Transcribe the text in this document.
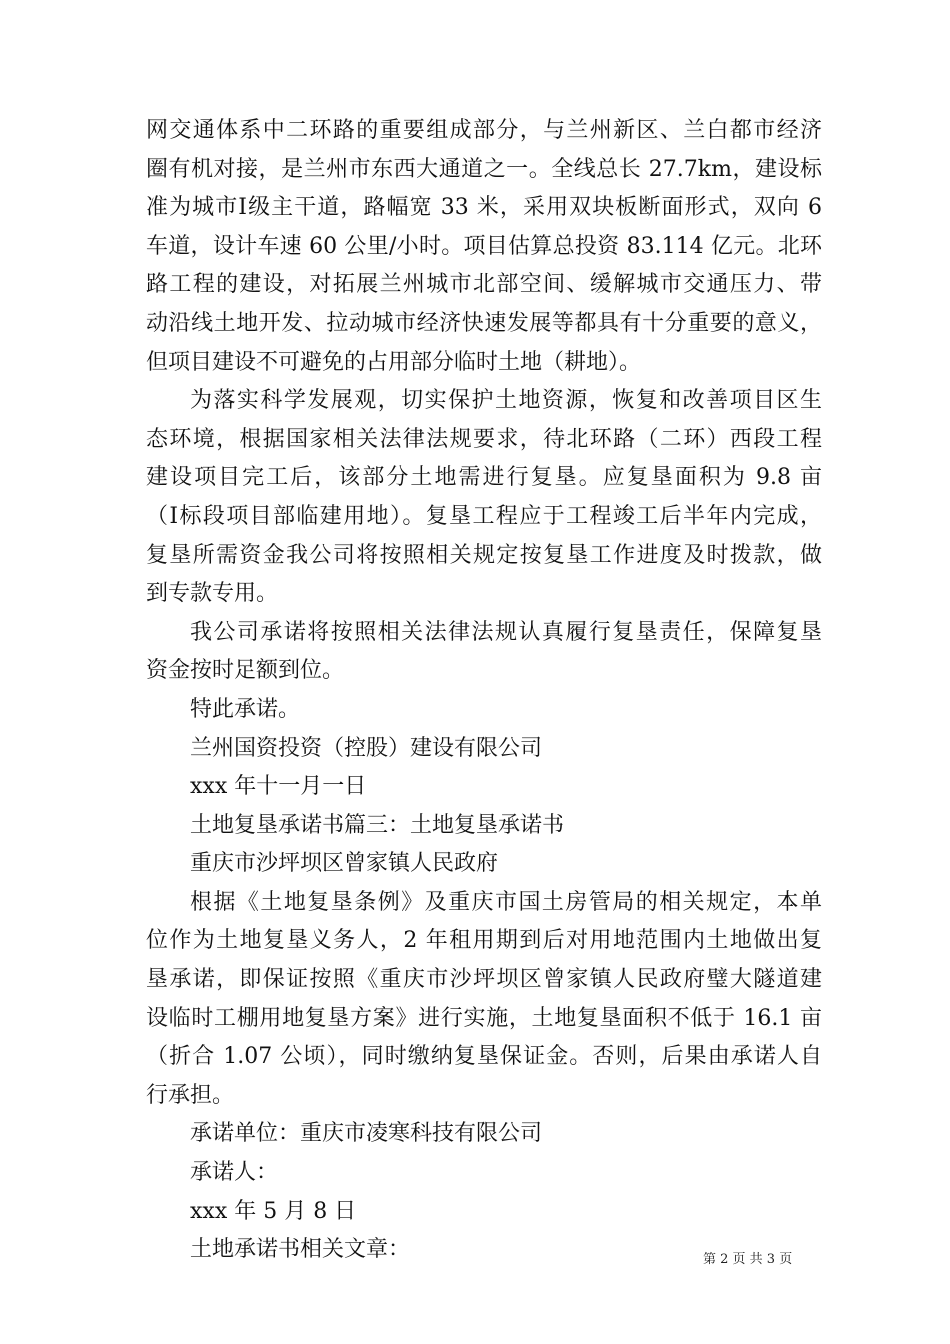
网交通体系中二环路的重要组成部分，与兰州新区、兰白都市经济
圈有机对接，是兰州市东西大通道之一。全线总长 27.7km，建设标
准为城市Ⅰ级主干道，路幅宽 33 米，采用双块板断面形式，双向 6
车道，设计车速 60 公里/小时。项目估算总投资 83.114 亿元。北环
路工程的建设，对拓展兰州城市北部空间、缓解城市交通压力、带
动沿线土地开发、拉动城市经济快速发展等都具有十分重要的意义，
但项目建设不可避免的占用部分临时土地（耕地）。
为落实科学发展观，切实保护土地资源，恢复和改善项目区生
态环境，根据国家相关法律法规要求，待北环路（二环）西段工程
建设项目完工后，该部分土地需进行复垦。应复垦面积为 9.8 亩
（Ⅰ标段项目部临建用地）。复垦工程应于工程竣工后半年内完成，
复垦所需资金我公司将按照相关规定按复垦工作进度及时拨款，做
到专款专用。
我公司承诺将按照相关法律法规认真履行复垦责任，保障复垦
资金按时足额到位。
特此承诺。
兰州国资投资（控股）建设有限公司
xxx 年十一月一日
土地复垦承诺书篇三：土地复垦承诺书
重庆市沙坪坝区曾家镇人民政府
根据《土地复垦条例》及重庆市国土房管局的相关规定，本单
位作为土地复垦义务人，2 年租用期到后对用地范围内土地做出复
垦承诺，即保证按照《重庆市沙坪坝区曾家镇人民政府璧大隧道建
设临时工棚用地复垦方案》进行实施，土地复垦面积不低于 16.1 亩
（折合 1.07 公顷），同时缴纳复垦保证金。否则，后果由承诺人自
行承担。
承诺单位：重庆市凌寒科技有限公司
承诺人：
xxx 年 5 月 8 日
土地承诺书相关文章：	第 2 页 共 3 页
